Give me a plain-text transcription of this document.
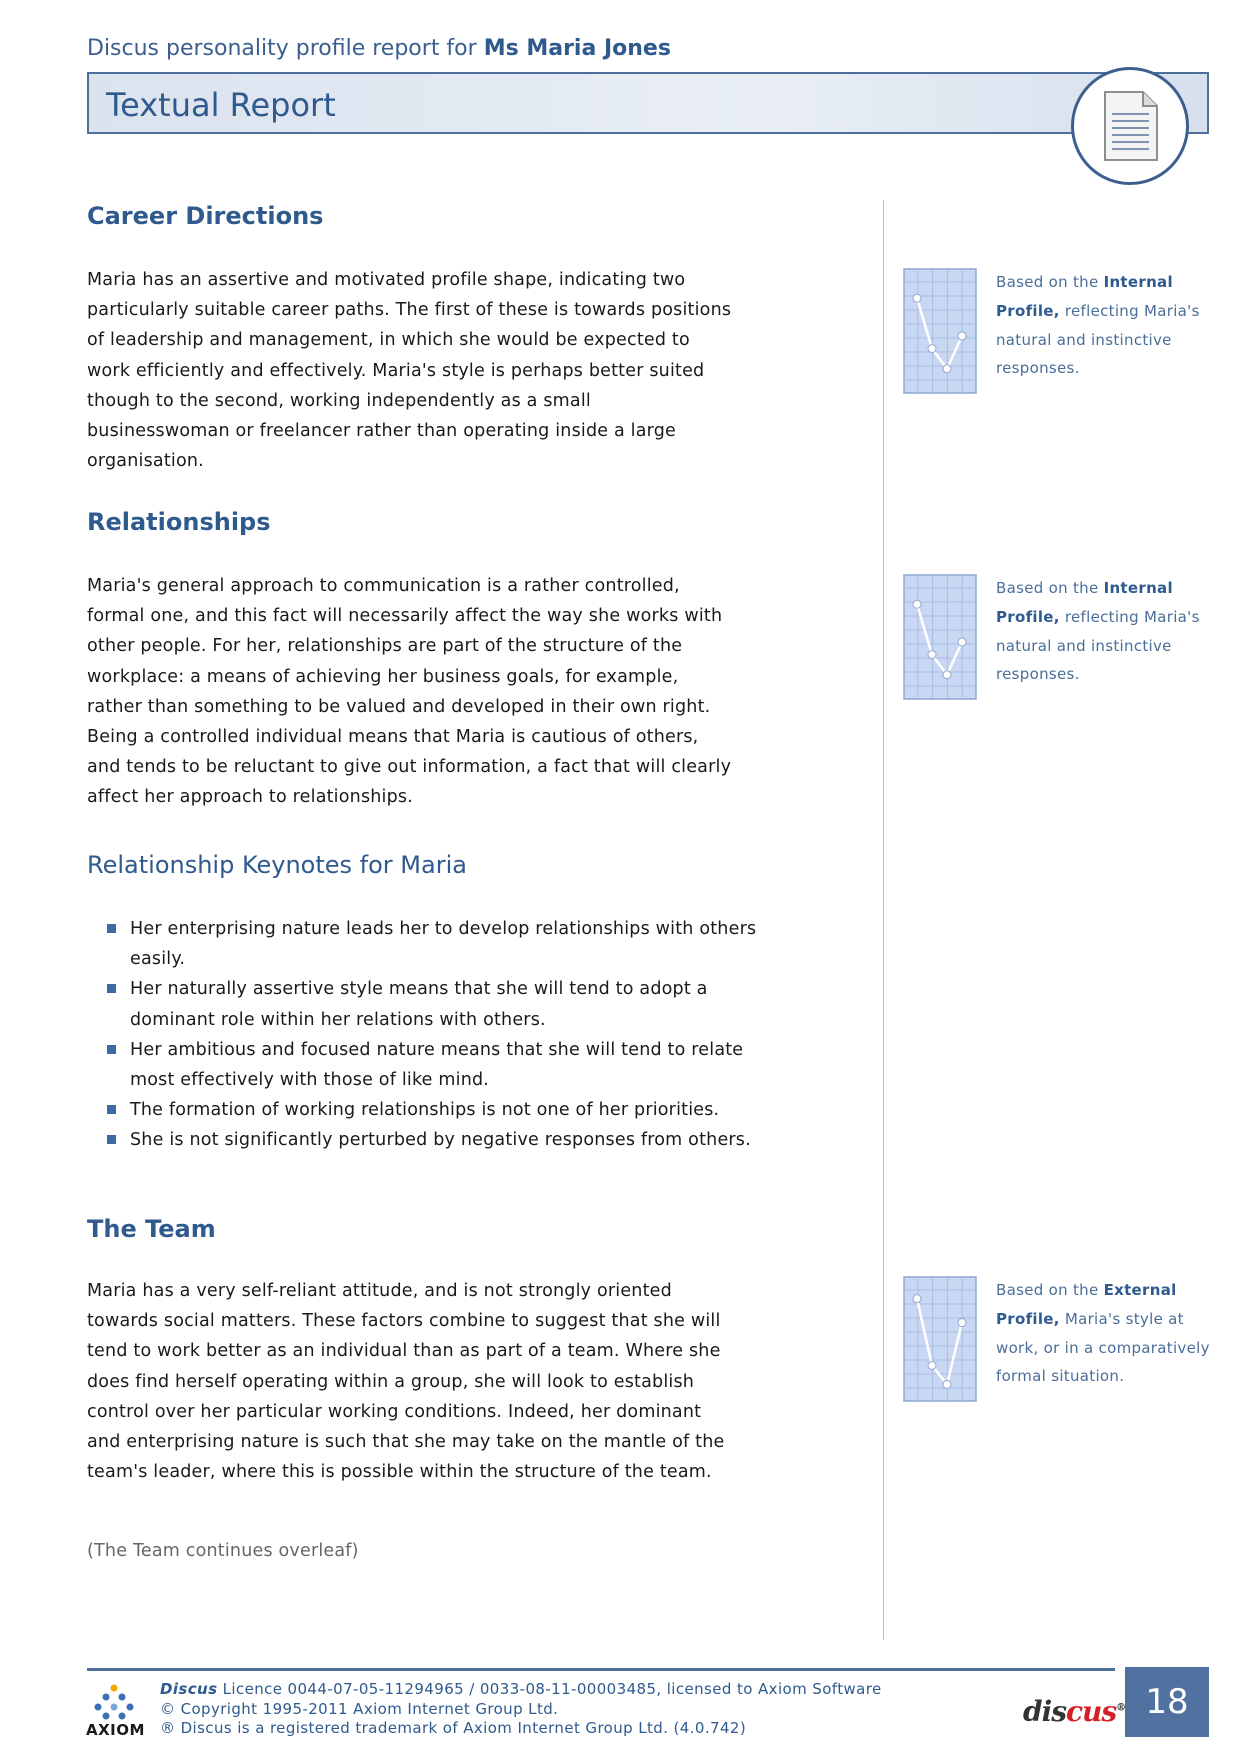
Discus personality profile report for Ms Maria Jones
Textual Report
Career Directions

Maria has an assertive and motivated profile shape, indicating two particularly suitable career paths. The first of these is towards positions of leadership and management, in which she would be expected to work efficiently and effectively. Maria's style is perhaps better suited though to the second, working independently as a small businesswoman or freelancer rather than operating inside a large organisation.

Relationships

Maria's general approach to communication is a rather controlled, formal one, and this fact will necessarily affect the way she works with other people. For her, relationships are part of the structure of the workplace: a means of achieving her business goals, for example, rather than something to be valued and developed in their own right. Being a controlled individual means that Maria is cautious of others, and tends to be reluctant to give out information, a fact that will clearly affect her approach to relationships.

Relationship Keynotes for Maria
Her enterprising nature leads her to develop relationships with others easily.
Her naturally assertive style means that she will tend to adopt a dominant role within her relations with others.
Her ambitious and focused nature means that she will tend to relate most effectively with those of like mind.
The formation of working relationships is not one of her priorities.
She is not significantly perturbed by negative responses from others.
The Team

Maria has a very self-reliant attitude, and is not strongly oriented towards social matters. These factors combine to suggest that she will tend to work better as an individual than as part of a team. Where she does find herself operating within a group, she will look to establish control over her particular working conditions. Indeed, her dominant and enterprising nature is such that she may take on the mantle of the team's leader, where this is possible within the structure of the team.

(The Team continues overleaf)

Based on the Internal Profile, reflecting Maria's natural and instinctive responses.
Based on the Internal Profile, reflecting Maria's natural and instinctive responses.
Based on the External Profile, Maria's style at work, or in a comparatively formal situation.
AXIOM
Discus Licence 0044-07-05-11294965 / 0033-08-11-00003485, licensed to Axiom Software
© Copyright 1995-2011 Axiom Internet Group Ltd.
® Discus is a registered trademark of Axiom Internet Group Ltd. (4.0.742)	discus® 18
